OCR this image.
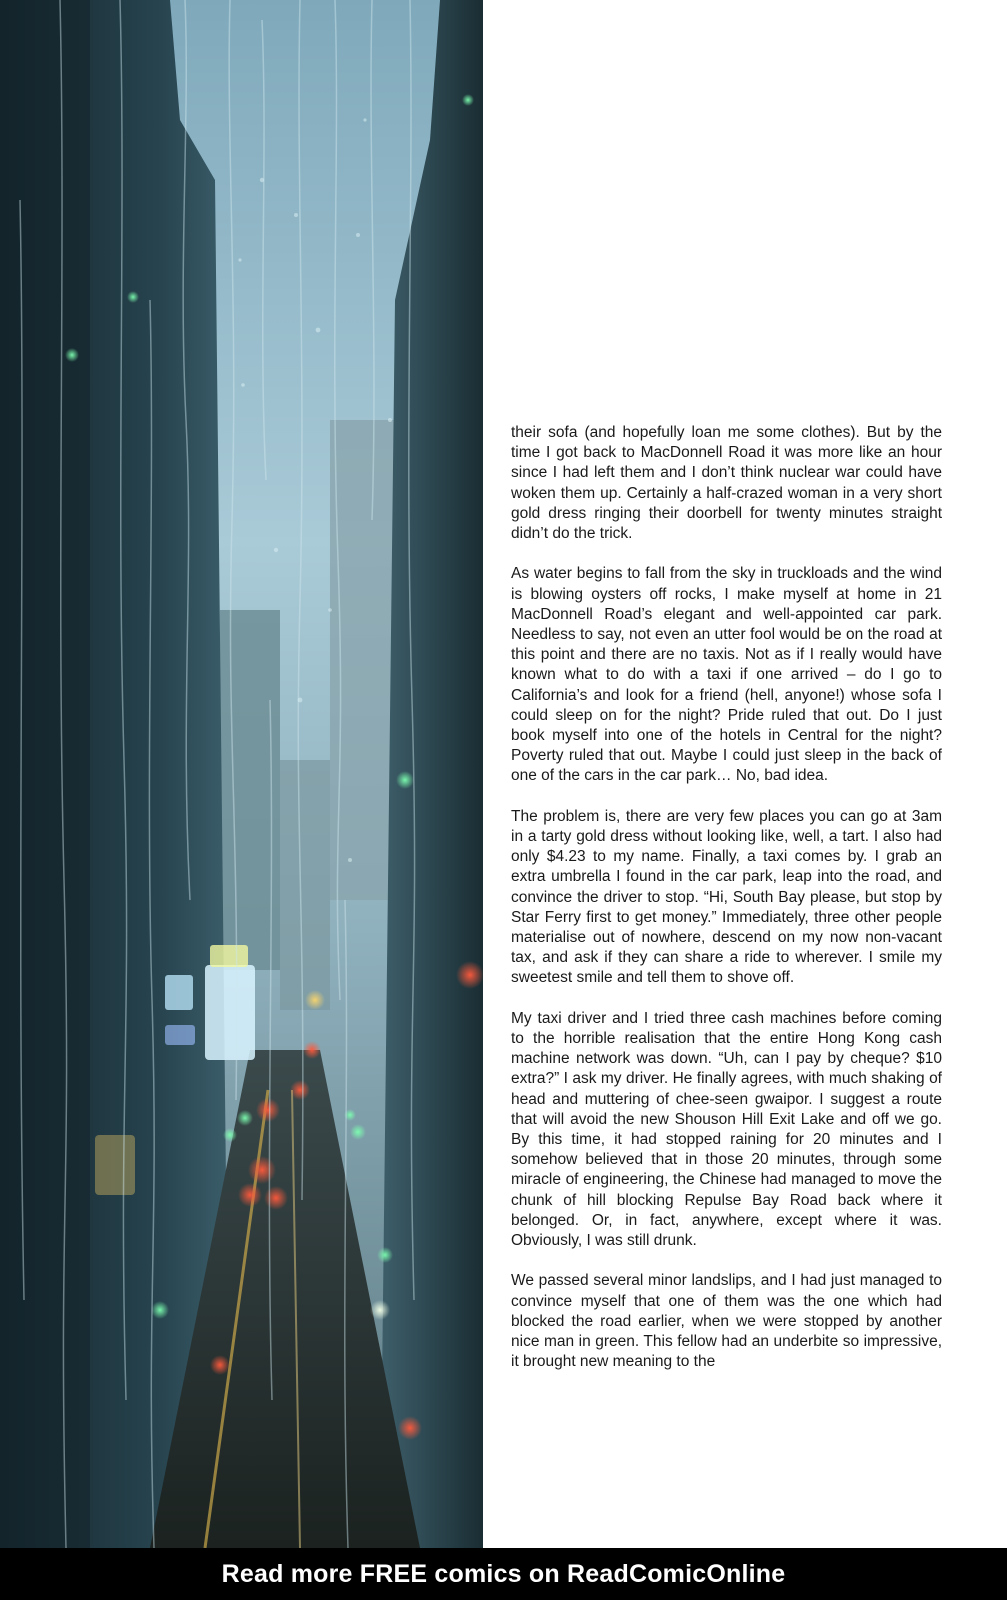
their sofa (and hopefully loan me some clothes). But by the time I got back to MacDonnell Road it was more like an hour since I had left them and I don’t think nuclear war could have woken them up. Certainly a half-crazed woman in a very short gold dress ringing their doorbell for twenty minutes straight didn’t do the trick.

As water begins to fall from the sky in truckloads and the wind is blowing oysters off rocks, I make myself at home in 21 MacDonnell Road’s elegant and well-appointed car park. Needless to say, not even an utter fool would be on the road at this point and there are no taxis. Not as if I really would have known what to do with a taxi if one arrived – do I go to California’s and look for a friend (hell, anyone!) whose sofa I could sleep on for the night? Pride ruled that out. Do I just book myself into one of the hotels in Central for the night? Poverty ruled that out. Maybe I could just sleep in the back of one of the cars in the car park… No, bad idea.

The problem is, there are very few places you can go at 3am in a tarty gold dress without looking like, well, a tart. I also had only $4.23 to my name. Finally, a taxi comes by. I grab an extra umbrella I found in the car park, leap into the road, and convince the driver to stop. “Hi, South Bay please, but stop by Star Ferry first to get money.” Immediately, three other people materialise out of nowhere, descend on my now non-vacant tax, and ask if they can share a ride to wherever. I smile my sweetest smile and tell them to shove off.

My taxi driver and I tried three cash machines before coming to the horrible realisation that the entire Hong Kong cash machine network was down. “Uh, can I pay by cheque? $10 extra?” I ask my driver. He finally agrees, with much shaking of head and muttering of chee-seen gwaipor. I suggest a route that will avoid the new Shouson Hill Exit Lake and off we go. By this time, it had stopped raining for 20 minutes and I somehow believed that in those 20 minutes, through some miracle of engineering, the Chinese had managed to move the chunk of hill blocking Repulse Bay Road back where it belonged. Or, in fact, anywhere, except where it was. Obviously, I was still drunk.

We passed several minor landslips, and I had just managed to convince myself that one of them was the one which had blocked the road earlier, when we were stopped by another nice man in green. This fellow had an underbite so impressive, it brought new meaning to the

Read more FREE comics on ReadComicOnline
